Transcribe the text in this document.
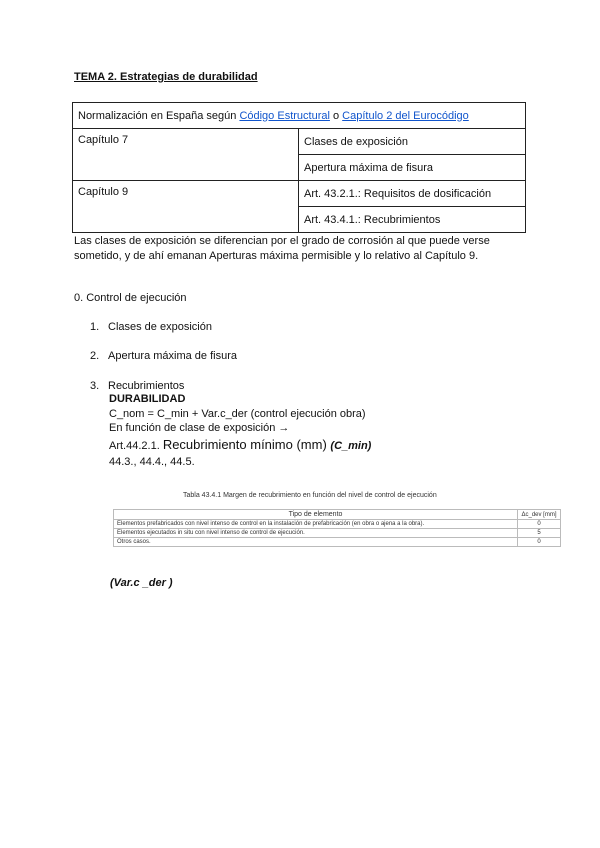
TEMA 2. Estrategias de durabilidad
Normalización en España según Código Estructural o Capítulo 2 del Eurocódigo	
Capítulo 7	Clases de exposición
	Apertura máxima de fisura
Capítulo 9	Art. 43.2.1.: Requisitos de dosificación
	Art. 43.4.1.: Recubrimientos
Las clases de exposición se diferencian por el grado de corrosión al que puede verse sometido, y de ahí emanan Aperturas máxima permisible y lo relativo al Capítulo 9.
0. Control de ejecución
1. Clases de exposición
2. Apertura máxima de fisura
3. Recubrimientos
DURABILIDAD
C_nom = C_min + Var.c_der (control ejecución obra)
En función de clase de exposición →
Art.44.2.1. Recubrimiento mínimo (mm) (C_min)
44.3., 44.4., 44.5.
Tabla 43.4.1 Margen de recubrimiento en función del nivel de control de ejecución
Tipo de elemento	Δc_dev [mm]
Elementos prefabricados con nivel intenso de control en la instalación de prefabricación (en obra o ajena a la obra).	0
Elementos ejecutados in situ con nivel intenso de control de ejecución.	5
Otros casos.	0
(Var.c _der )
